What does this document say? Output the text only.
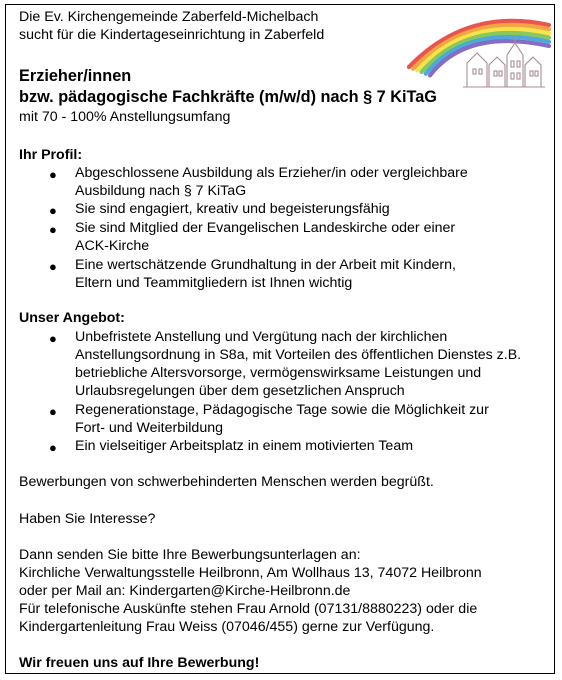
Die Ev. Kirchengemeinde Zaberfeld-Michelbach
sucht für die Kindertageseinrichtung in Zaberfeld
Erzieher/innen
bzw. pädagogische Fachkräfte (m/w/d) nach § 7 KiTaG
mit 70 - 100% Anstellungsumfang
Ihr Profil:
● Abgeschlossene Ausbildung als Erzieher/in oder vergleichbare
Ausbildung nach § 7 KiTaG
● Sie sind engagiert, kreativ und begeisterungsfähig
● Sie sind Mitglied der Evangelischen Landeskirche oder einer
ACK-Kirche
● Eine wertschätzende Grundhaltung in der Arbeit mit Kindern,
Eltern und Teammitgliedern ist Ihnen wichtig
Unser Angebot:
● Unbefristete Anstellung und Vergütung nach der kirchlichen
Anstellungsordnung in S8a, mit Vorteilen des öffentlichen Dienstes z.B.
betriebliche Altersvorsorge, vermögenswirksame Leistungen und
Urlaubsregelungen über dem gesetzlichen Anspruch
● Regenerationstage, Pädagogische Tage sowie die Möglichkeit zur
Fort- und Weiterbildung
● Ein vielseitiger Arbeitsplatz in einem motivierten Team
Bewerbungen von schwerbehinderten Menschen werden begrüßt.
Haben Sie Interesse?
Dann senden Sie bitte Ihre Bewerbungsunterlagen an:
Kirchliche Verwaltungsstelle Heilbronn, Am Wollhaus 13, 74072 Heilbronn
oder per Mail an: Kindergarten@Kirche-Heilbronn.de
Für telefonische Auskünfte stehen Frau Arnold (07131/8880223) oder die
Kindergartenleitung Frau Weiss (07046/455) gerne zur Verfügung.
Wir freuen uns auf Ihre Bewerbung!
